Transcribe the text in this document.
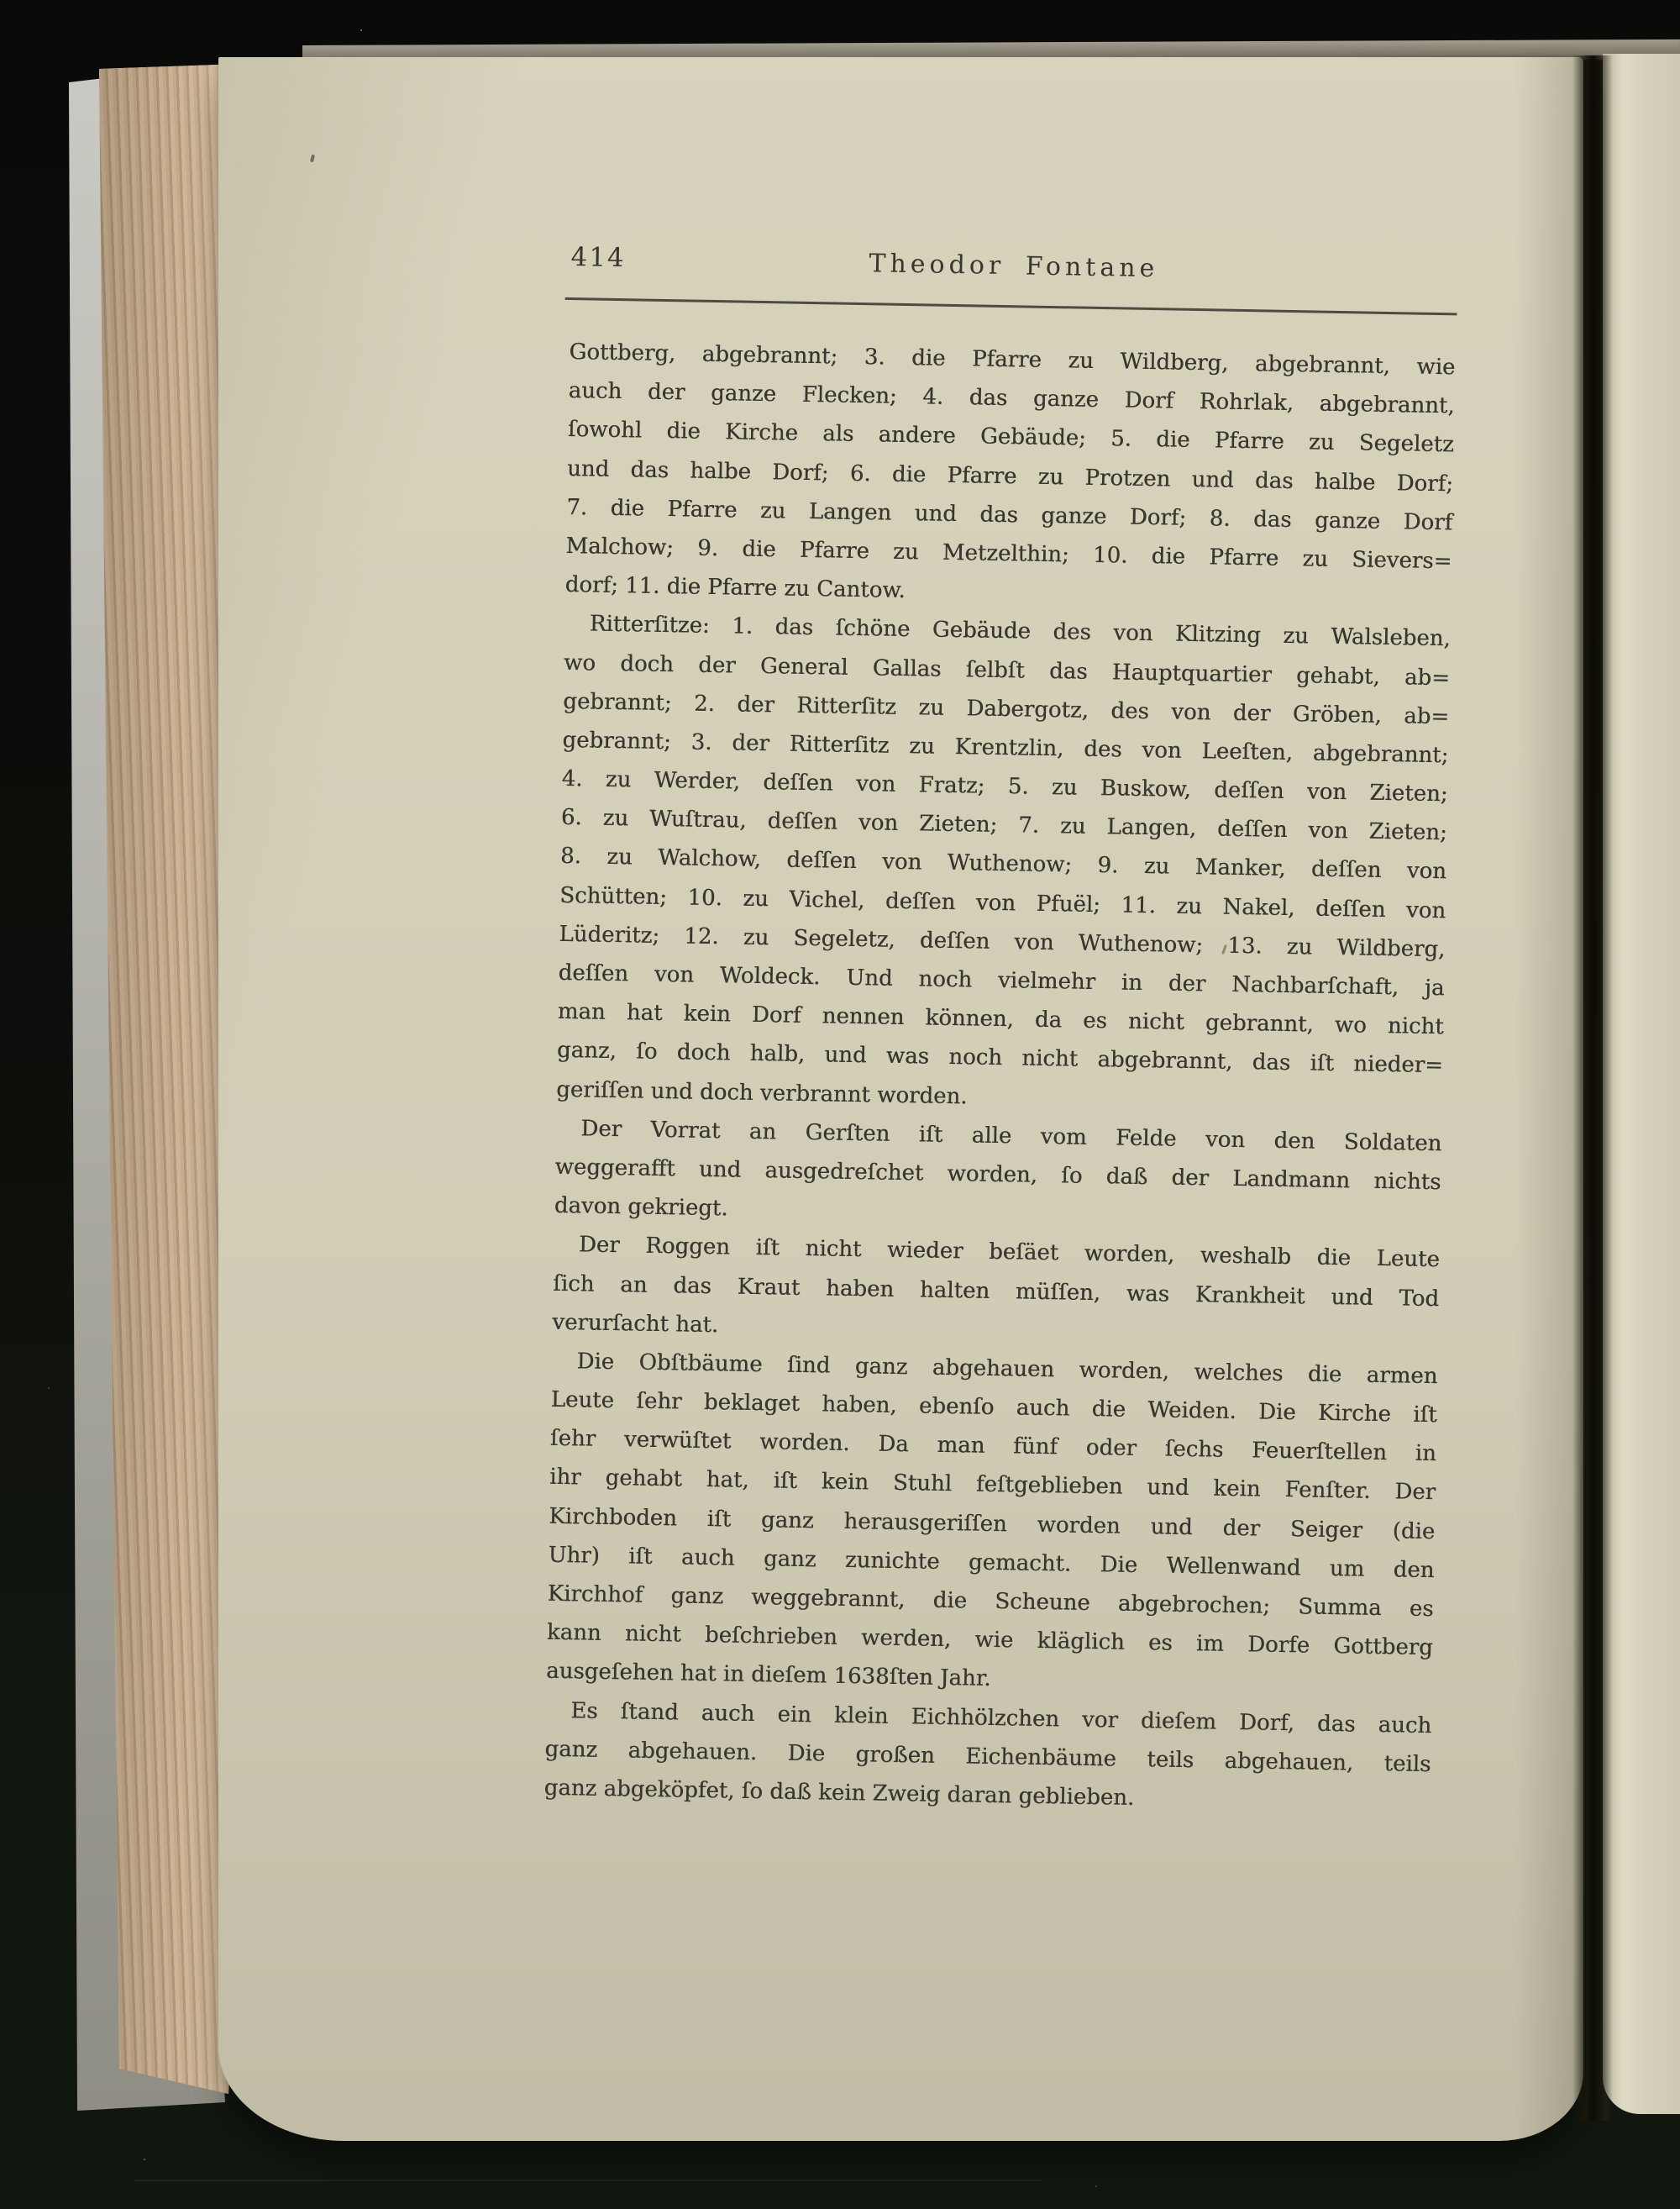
414	Theodor Fontane
Gottberg, abgebrannt; 3. die Pfarre zu Wildberg, abgebrannt, wie
auch der ganze Flecken; 4. das ganze Dorf Rohrlak, abgebrannt,
ſowohl die Kirche als andere Gebäude; 5. die Pfarre zu Segeletz
und das halbe Dorf; 6. die Pfarre zu Protzen und das halbe Dorf;
7. die Pfarre zu Langen und das ganze Dorf; 8. das ganze Dorf
Malchow; 9. die Pfarre zu Metzelthin; 10. die Pfarre zu Sievers=
dorf; 11. die Pfarre zu Cantow.
Ritterſitze: 1. das ſchöne Gebäude des von Klitzing zu Walsleben,
wo doch der General Gallas ſelbſt das Hauptquartier gehabt, ab=
gebrannt; 2. der Ritterſitz zu Dabergotz, des von der Gröben, ab=
gebrannt; 3. der Ritterſitz zu Krentzlin, des von Leeſten, abgebrannt;
4. zu Werder, deſſen von Fratz; 5. zu Buskow, deſſen von Zieten;
6. zu Wuſtrau, deſſen von Zieten; 7. zu Langen, deſſen von Zieten;
8. zu Walchow, deſſen von Wuthenow; 9. zu Manker, deſſen von
Schütten; 10. zu Vichel, deſſen von Pfuël; 11. zu Nakel, deſſen von
Lüderitz; 12. zu Segeletz, deſſen von Wuthenow; 13. zu Wildberg,
deſſen von Woldeck. Und noch vielmehr in der Nachbarſchaft, ja
man hat kein Dorf nennen können, da es nicht gebrannt, wo nicht
ganz, ſo doch halb, und was noch nicht abgebrannt, das iſt nieder=
geriſſen und doch verbrannt worden.
Der Vorrat an Gerſten iſt alle vom Felde von den Soldaten
weggerafft und ausgedreſchet worden, ſo daß der Landmann nichts
davon gekriegt.
Der Roggen iſt nicht wieder beſäet worden, weshalb die Leute
ſich an das Kraut haben halten müſſen, was Krankheit und Tod
verurſacht hat.
Die Obſtbäume ſind ganz abgehauen worden, welches die armen
Leute ſehr beklaget haben, ebenſo auch die Weiden. Die Kirche iſt
ſehr verwüſtet worden. Da man fünf oder ſechs Feuerſtellen in
ihr gehabt hat, iſt kein Stuhl feſtgeblieben und kein Fenſter. Der
Kirchboden iſt ganz herausgeriſſen worden und der Seiger (die
Uhr) iſt auch ganz zunichte gemacht. Die Wellenwand um den
Kirchhof ganz weggebrannt, die Scheune abgebrochen; Summa es
kann nicht beſchrieben werden, wie kläglich es im Dorfe Gottberg
ausgeſehen hat in dieſem 1638ſten Jahr.
Es ſtand auch ein klein Eichhölzchen vor dieſem Dorf, das auch
ganz abgehauen. Die großen Eichenbäume teils abgehauen, teils
ganz abgeköpfet, ſo daß kein Zweig daran geblieben.
